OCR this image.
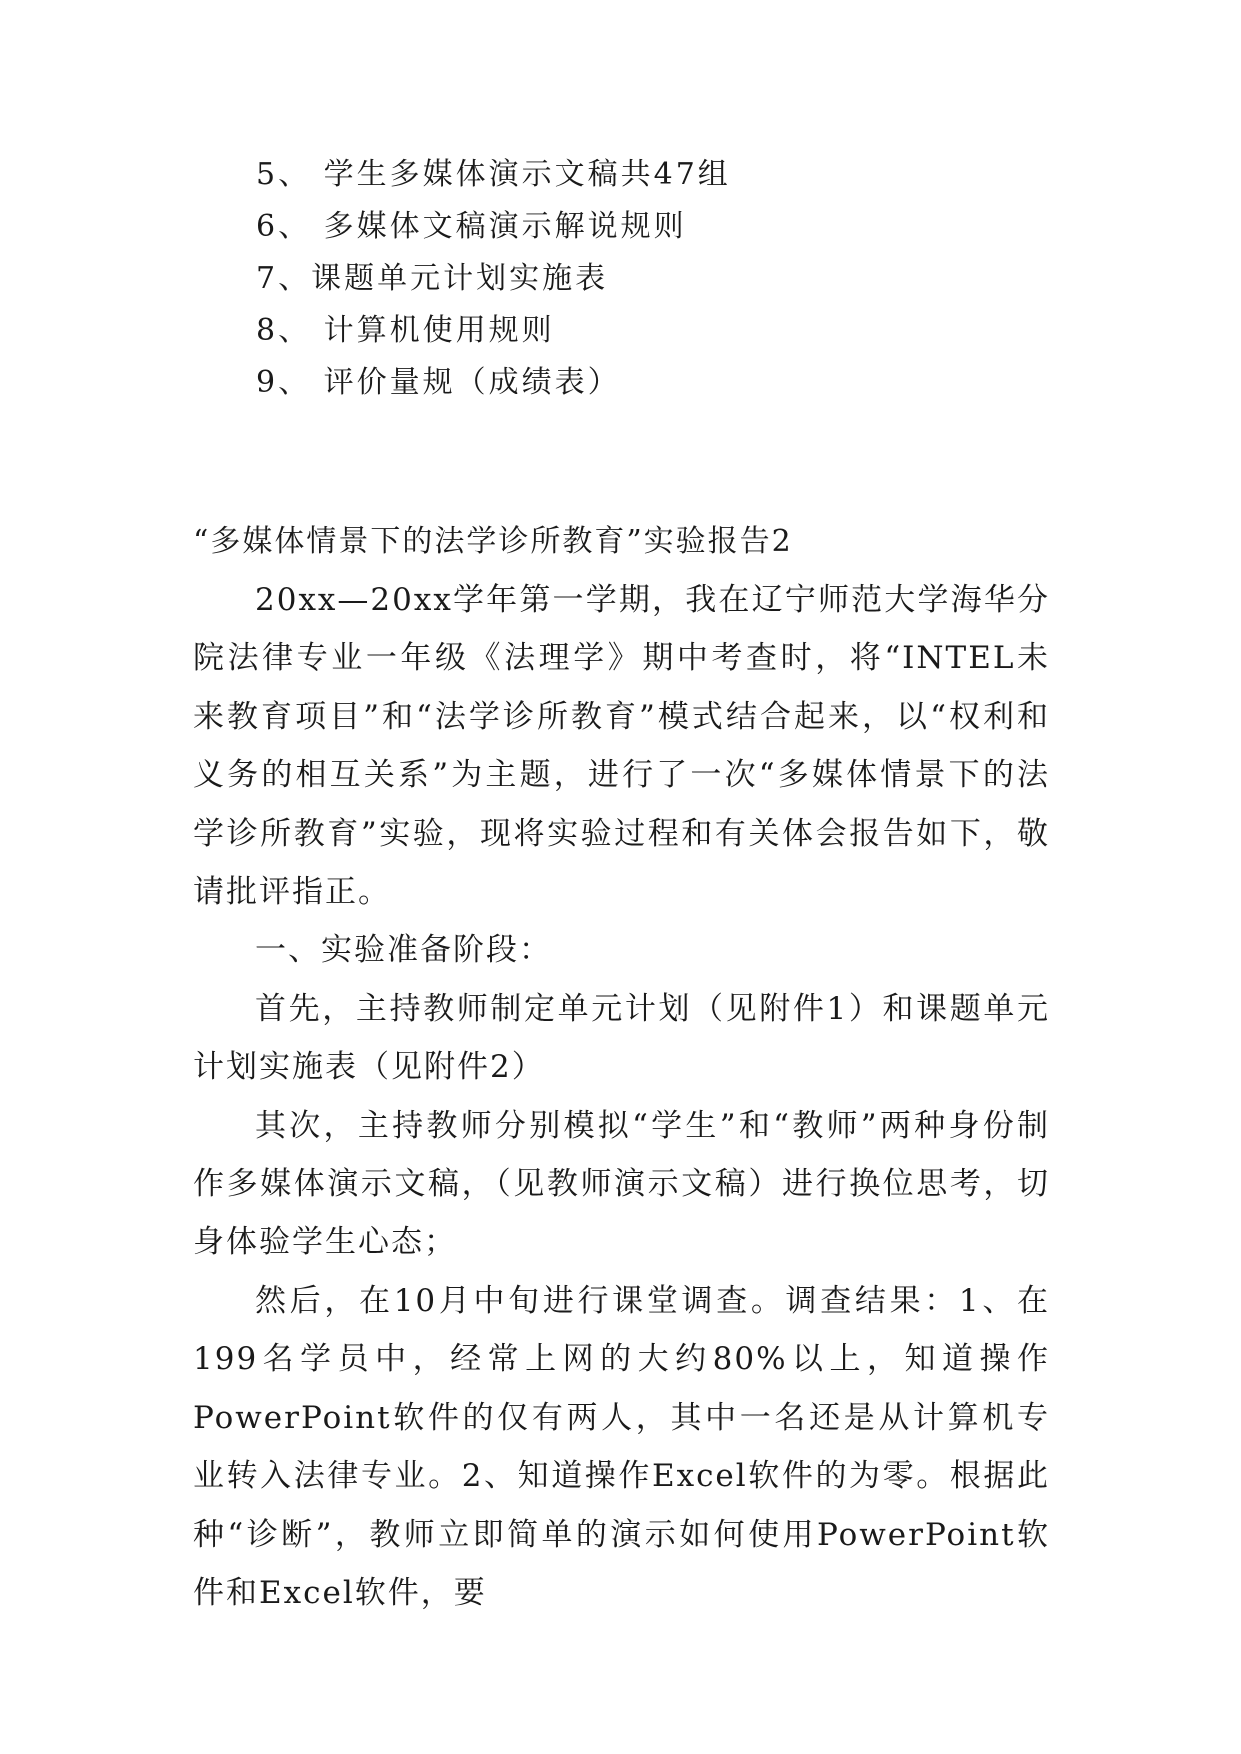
5、 学生多媒体演示文稿共47组
6、 多媒体文稿演示解说规则
7、课题单元计划实施表
8、 计算机使用规则
9、 评价量规（成绩表）
“多媒体情景下的法学诊所教育”实验报告2

20xx—20xx学年第一学期，我在辽宁师范大学海华分院法律专业一年级《法理学》期中考查时，将“INTEL未来教育项目”和“法学诊所教育”模式结合起来，以“权利和义务的相互关系”为主题，进行了一次“多媒体情景下的法学诊所教育”实验，现将实验过程和有关体会报告如下，敬请批评指正。

一、实验准备阶段：

首先，主持教师制定单元计划（见附件1）和课题单元计划实施表（见附件2）

其次，主持教师分别模拟“学生”和“教师”两种身份制作多媒体演示文稿，（见教师演示文稿）进行换位思考，切身体验学生心态；

然后，在10月中旬进行课堂调查。调查结果：1、在199名学员中，经常上网的大约80%以上，知道操作PowerPoint软件的仅有两人，其中一名还是从计算机专业转入法律专业。2、知道操作Excel软件的为零。根据此种“诊断”，教师立即简单的演示如何使用PowerPoint软件和Excel软件，要
